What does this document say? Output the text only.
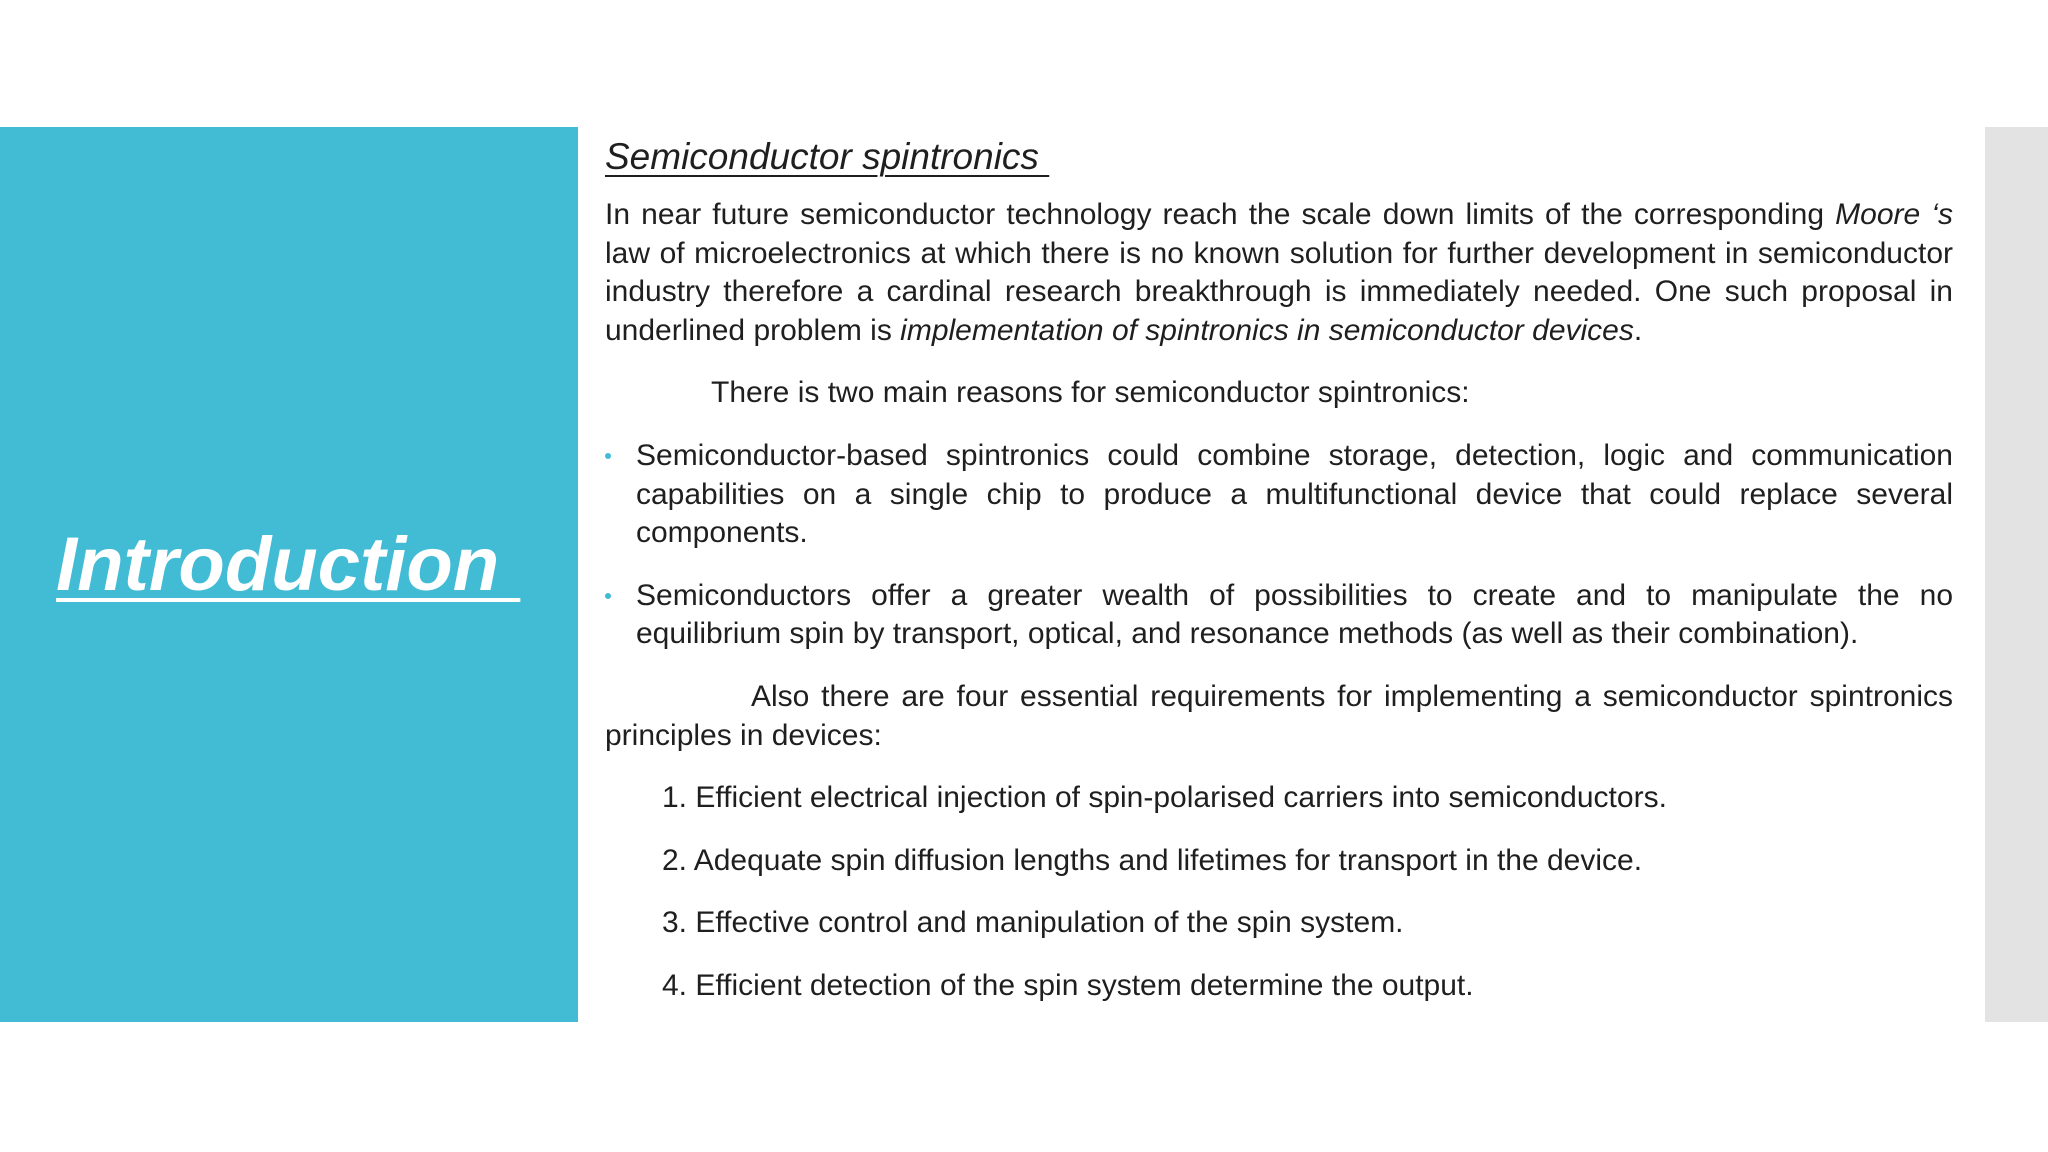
Introduction

Semiconductor spintronics

In near future semiconductor technology reach the scale down limits of the corresponding Moore ‘s law of microelectronics at which there is no known solution for further development in semiconductor industry therefore a cardinal research breakthrough is immediately needed. One such proposal in underlined problem is implementation of spintronics in semiconductor devices.

There is two main reasons for semiconductor spintronics:

Semiconductor-based spintronics could combine storage, detection, logic and communication capabilities on a single chip to produce a multifunctional device that could replace several components.
Semiconductors offer a greater wealth of possibilities to create and to manipulate the no equilibrium spin by transport, optical, and resonance methods (as well as their combination).

Also there are four essential requirements for implementing a semiconductor spintronics principles in devices:

1. Efficient electrical injection of spin-polarised carriers into semiconductors.
2. Adequate spin diffusion lengths and lifetimes for transport in the device.
3. Effective control and manipulation of the spin system.
4. Efficient detection of the spin system determine the output.
